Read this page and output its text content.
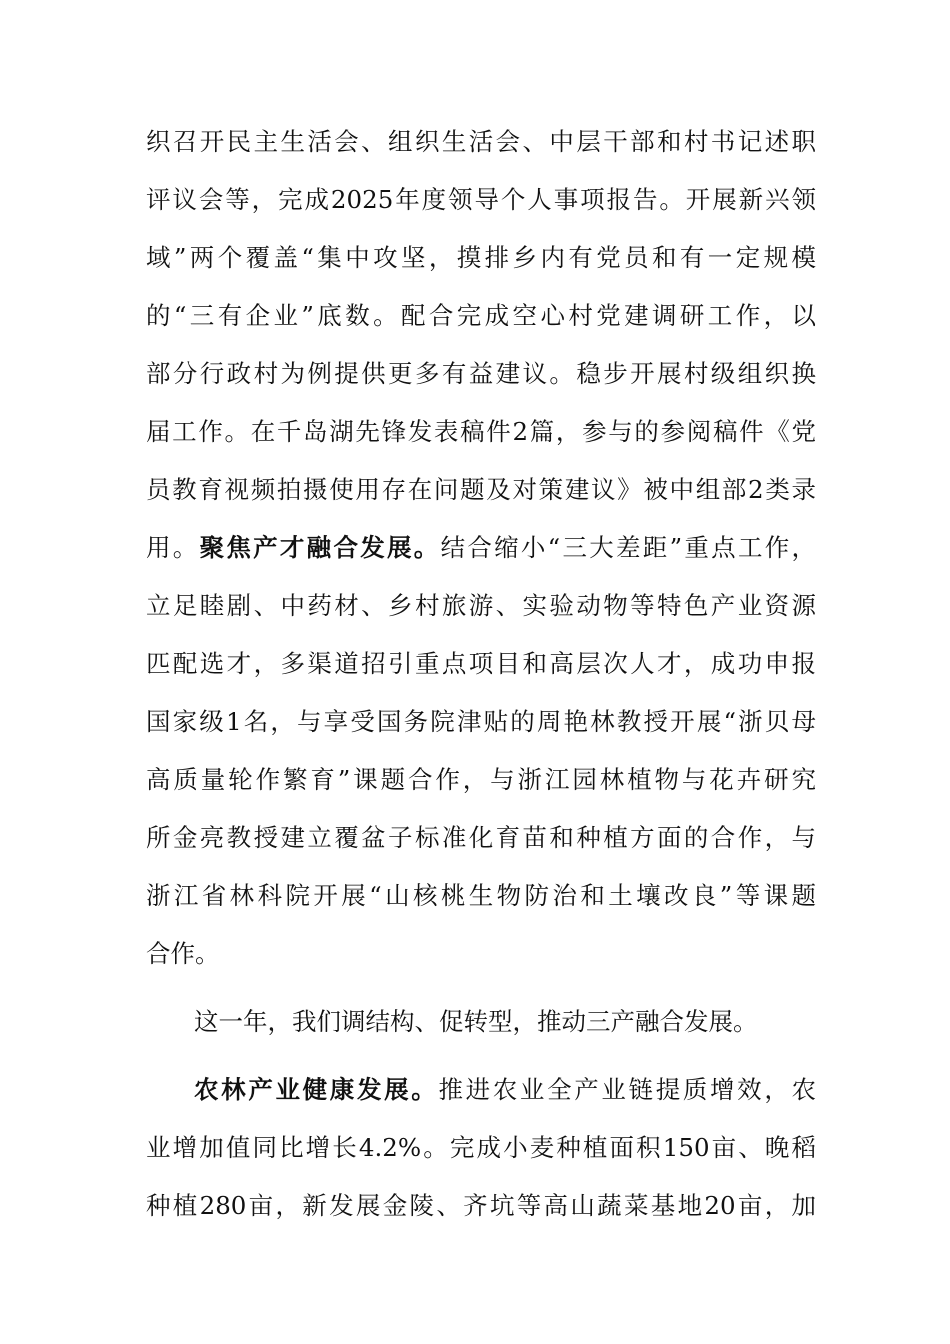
织召开民主生活会、组织生活会、中层干部和村书记述职
评议会等，完成2025年度领导个人事项报告。开展新兴领
域”两个覆盖“集中攻坚，摸排乡内有党员和有一定规模
的“三有企业”底数。配合完成空心村党建调研工作，以
部分行政村为例提供更多有益建议。稳步开展村级组织换
届工作。在千岛湖先锋发表稿件2篇，参与的参阅稿件《党
员教育视频拍摄使用存在问题及对策建议》被中组部2类录
用。聚焦产才融合发展。结合缩小“三大差距”重点工作，
立足睦剧、中药材、乡村旅游、实验动物等特色产业资源
匹配选才，多渠道招引重点项目和高层次人才，成功申报
国家级1名，与享受国务院津贴的周艳林教授开展“浙贝母
高质量轮作繁育”课题合作，与浙江园林植物与花卉研究
所金亮教授建立覆盆子标准化育苗和种植方面的合作，与
浙江省林科院开展“山核桃生物防治和土壤改良”等课题
合作。
这一年，我们调结构、促转型，推动三产融合发展。
农林产业健康发展。推进农业全产业链提质增效，农
业增加值同比增长4.2%。完成小麦种植面积150亩、晚稻
种植280亩，新发展金陵、齐坑等高山蔬菜基地20亩，加
